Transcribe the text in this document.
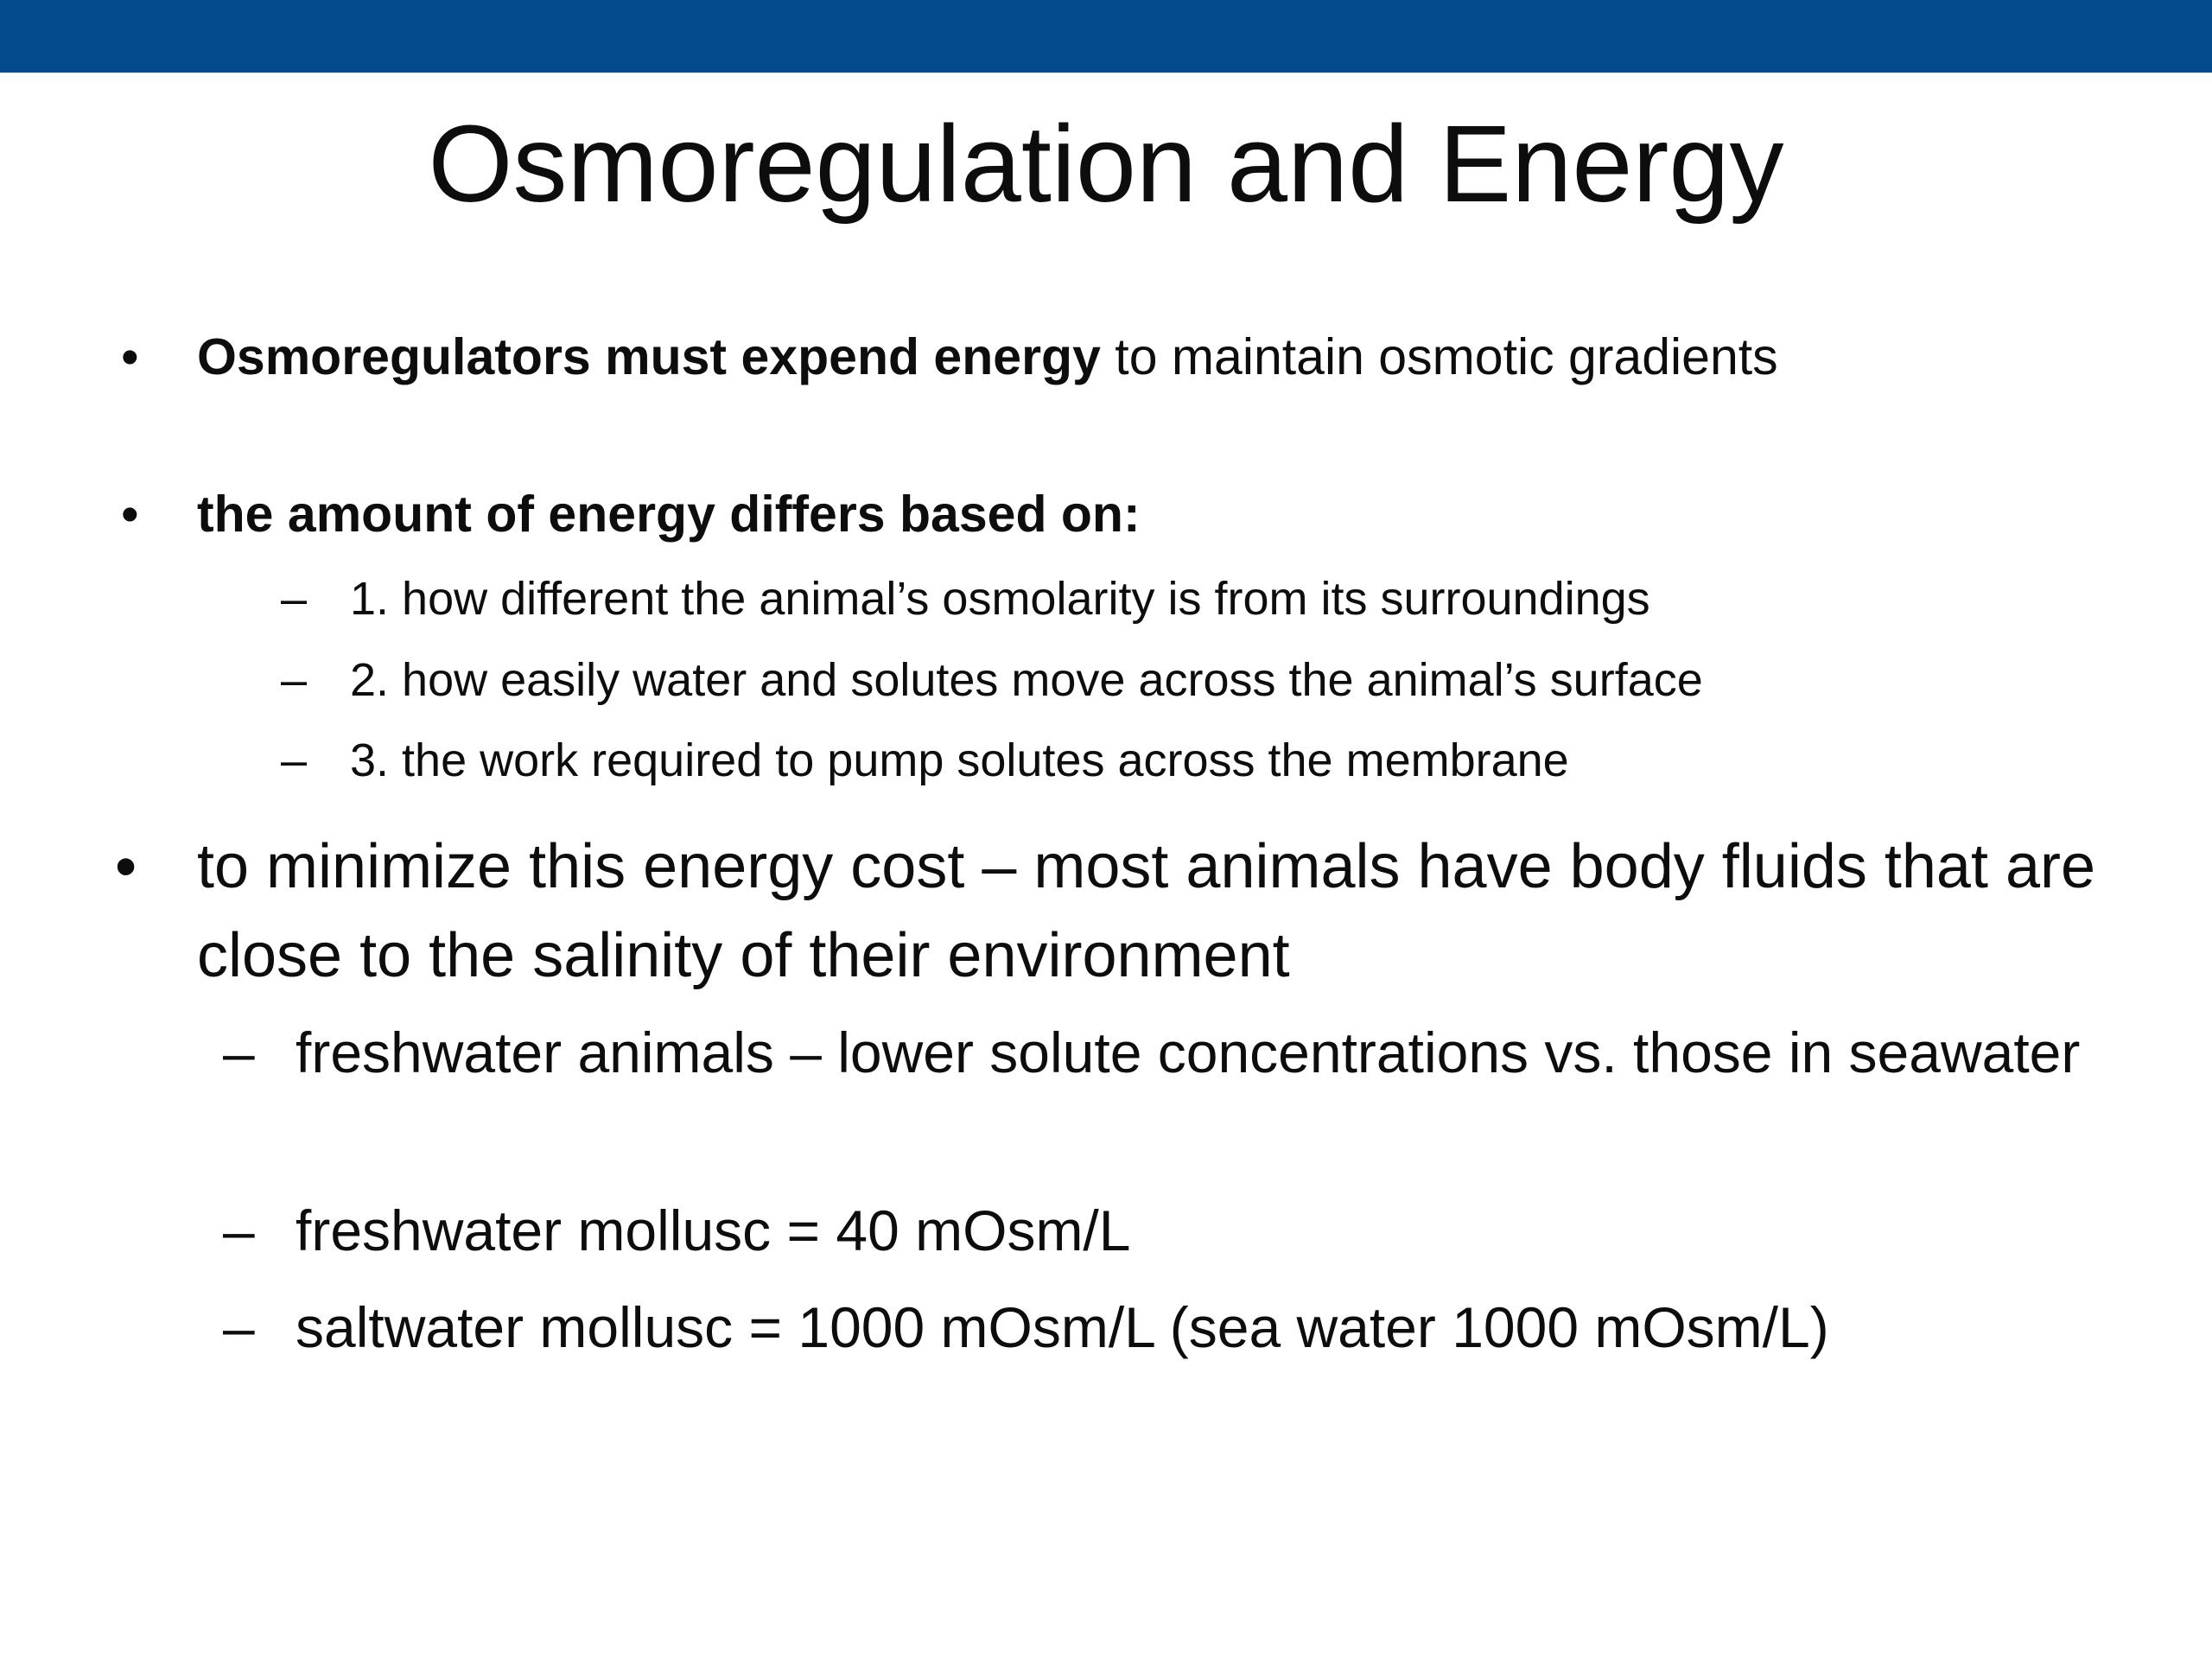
Osmoregulation and Energy
• Osmoregulators must expend energy to maintain osmotic gradients
• the amount of energy differs based on:
– 1. how different the animal’s osmolarity is from its surroundings
– 2. how easily water and solutes move across the animal’s surface
– 3. the work required to pump solutes across the membrane
• to minimize this energy cost – most animals have body fluids that are close to the salinity of their environment
– freshwater animals – lower solute concentrations vs. those in seawater
– freshwater mollusc = 40 mOsm/L
– saltwater mollusc = 1000 mOsm/L (sea water 1000 mOsm/L)
